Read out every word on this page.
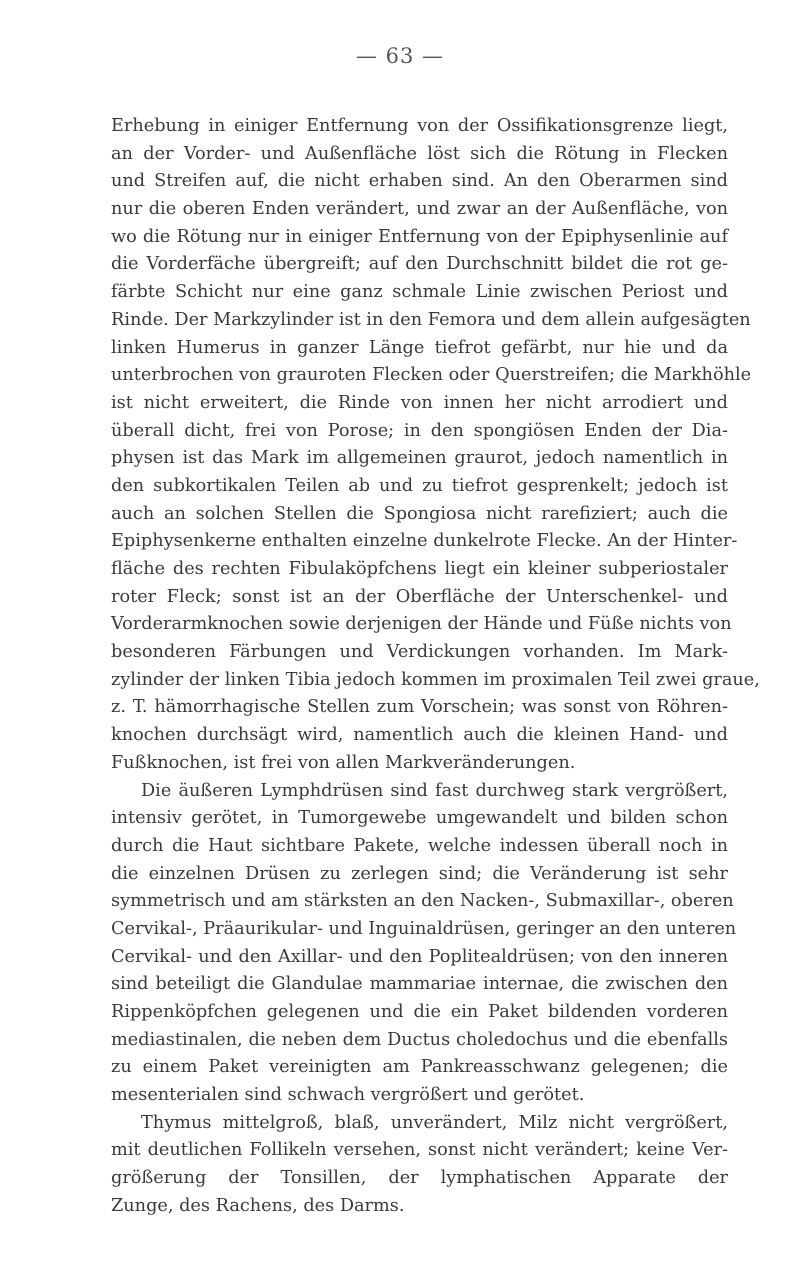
— 63 —
Erhebung in einiger Entfernung von der Ossifikationsgrenze liegt,
an der Vorder- und Außenfläche löst sich die Rötung in Flecken
und Streifen auf, die nicht erhaben sind. An den Oberarmen sind
nur die oberen Enden verändert, und zwar an der Außenfläche, von
wo die Rötung nur in einiger Entfernung von der Epiphysenlinie auf
die Vorderfäche übergreift; auf den Durchschnitt bildet die rot ge-
färbte Schicht nur eine ganz schmale Linie zwischen Periost und
Rinde. Der Markzylinder ist in den Femora und dem allein aufgesägten
linken Humerus in ganzer Länge tiefrot gefärbt, nur hie und da
unterbrochen von grauroten Flecken oder Querstreifen; die Markhöhle
ist nicht erweitert, die Rinde von innen her nicht arrodiert und
überall dicht, frei von Porose; in den spongiösen Enden der Dia-
physen ist das Mark im allgemeinen graurot, jedoch namentlich in
den subkortikalen Teilen ab und zu tiefrot gesprenkelt; jedoch ist
auch an solchen Stellen die Spongiosa nicht rarefiziert; auch die
Epiphysenkerne enthalten einzelne dunkelrote Flecke. An der Hinter-
fläche des rechten Fibulaköpfchens liegt ein kleiner subperiostaler
roter Fleck; sonst ist an der Oberfläche der Unterschenkel- und
Vorderarmknochen sowie derjenigen der Hände und Füße nichts von
besonderen Färbungen und Verdickungen vorhanden. Im Mark-
zylinder der linken Tibia jedoch kommen im proximalen Teil zwei graue,
z. T. hämorrhagische Stellen zum Vorschein; was sonst von Röhren-
knochen durchsägt wird, namentlich auch die kleinen Hand- und
Fußknochen, ist frei von allen Markveränderungen.
Die äußeren Lymphdrüsen sind fast durchweg stark vergrößert,
intensiv gerötet, in Tumorgewebe umgewandelt und bilden schon
durch die Haut sichtbare Pakete, welche indessen überall noch in
die einzelnen Drüsen zu zerlegen sind; die Veränderung ist sehr
symmetrisch und am stärksten an den Nacken-, Submaxillar-, oberen
Cervikal-, Präaurikular- und Inguinaldrüsen, geringer an den unteren
Cervikal- und den Axillar- und den Poplitealdrüsen; von den inneren
sind beteiligt die Glandulae mammariae internae, die zwischen den
Rippenköpfchen gelegenen und die ein Paket bildenden vorderen
mediastinalen, die neben dem Ductus choledochus und die ebenfalls
zu einem Paket vereinigten am Pankreasschwanz gelegenen; die
mesenterialen sind schwach vergrößert und gerötet.
Thymus mittelgroß, blaß, unverändert, Milz nicht vergrößert,
mit deutlichen Follikeln versehen, sonst nicht verändert; keine Ver-
größerung der Tonsillen, der lymphatischen Apparate der
Zunge, des Rachens, des Darms.
